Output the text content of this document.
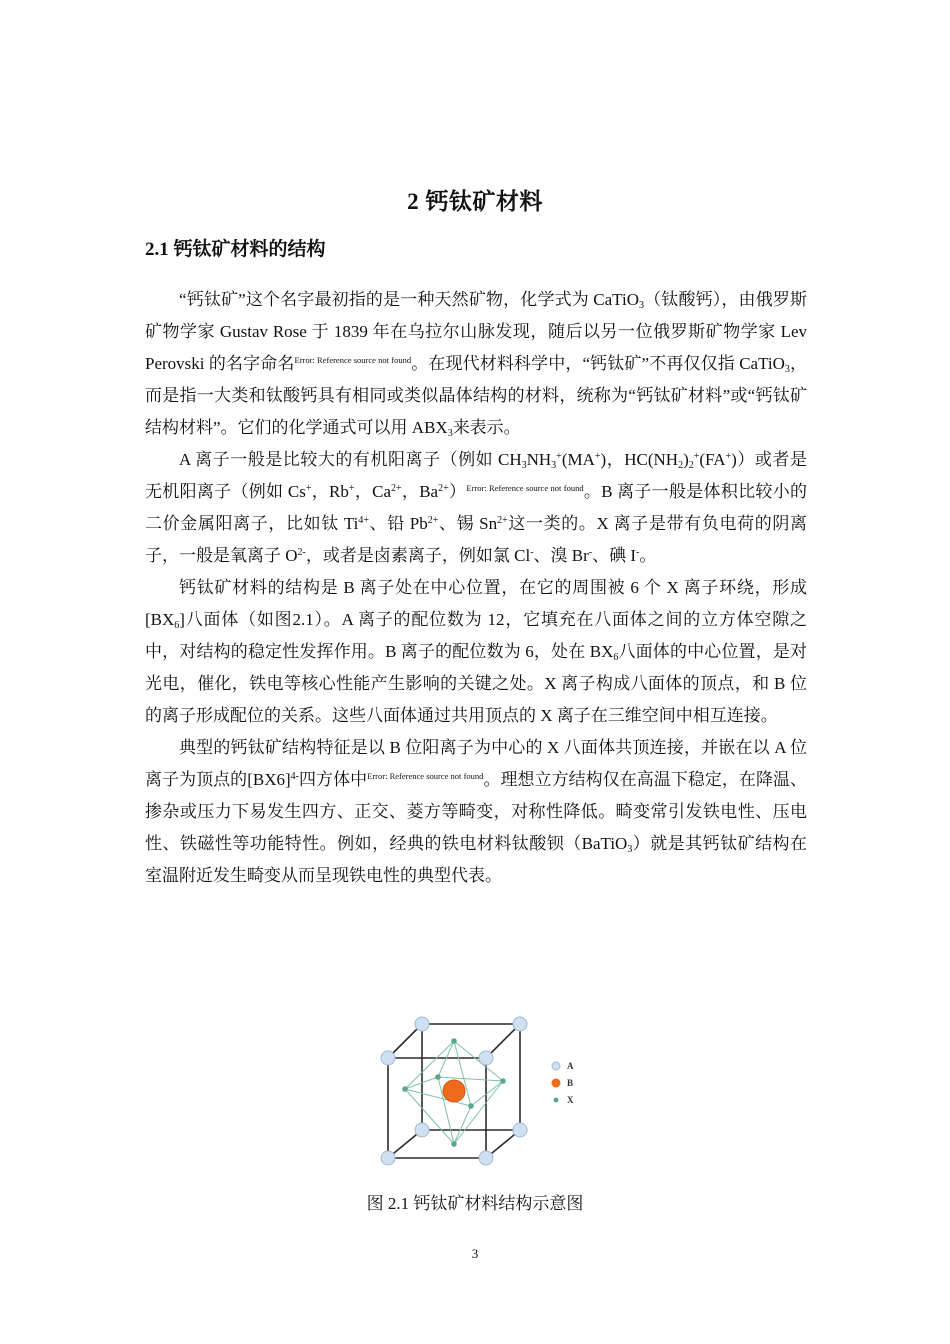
2 钙钛矿材料
2.1 钙钛矿材料的结构

“钙钛矿”这个名字最初指的是一种天然矿物，化学式为 CaTiO$_3$（钛酸钙），由俄罗斯矿物学家 Gustav Rose 于 1839 年在乌拉尔山脉发现，随后以另一位俄罗斯矿物学家 Lev Perovski 的名字命名$^{Error: Reference source not found}$。在现代材料科学中，“钙钛矿”不再仅仅指 CaTiO$_3$，而是指一大类和钛酸钙具有相同或类似晶体结构的材料，统称为“钙钛矿材料”或“钙钛矿结构材料”。它们的化学通式可以用 $ABX_3$来表示。

A 离子一般是比较大的有机阳离子（例如 $CH_3NH_3^+(MA^+)$，$HC(NH_2)_2^+(FA^+)$）或者是无机阳离子（例如 Cs+，Rb+，$Ca^{2+}$，$Ba^{2+})^{Error: Reference source not found}$。B 离子一般是体积比较小的二价金属阳离子，比如钛 $Ti^{4+}$、铅 $Pb^{2+}$、锡 $Sn^{2+}$这一类的。X 离子是带有负电荷的阴离子，一般是氧离子 $O^{2-}$，或者是卤素离子，例如氯 Cl-、溴 Br-、碘 I-。

钙钛矿材料的结构是 B 离子处在中心位置，在它的周围被 6 个 X 离子环绕，形成$[BX_6]$八面体（如图2.1）。A 离子的配位数为 12，它填充在八面体之间的立方体空隙之中，对结构的稳定性发挥作用。B 离子的配位数为 6，处在 $BX_6$八面体的中心位置，是对光电，催化，铁电等核心性能产生影响的关键之处。X 离子构成八面体的顶点，和 B 位的离子形成配位的关系。这些八面体通过共用顶点的 X 离子在三维空间中相互连接。

典型的钙钛矿结构特征是以 B 位阳离子为中心的 X 八面体共顶连接，并嵌在以 A 位离子为顶点的$[BX6]^{4-}$四方体中$^{Error: Reference source not found}$。理想立方结构仅在高温下稳定，在降温、掺杂或压力下易发生四方、正交、菱方等畸变，对称性降低。畸变常引发铁电性、压电性、铁磁性等功能特性。例如，经典的铁电材料钛酸钡（BaTiO$_3$）就是其钙钛矿结构在室温附近发生畸变从而呈现铁电性的典型代表。

A
B
X
图 2.1 钙钛矿材料结构示意图
3
